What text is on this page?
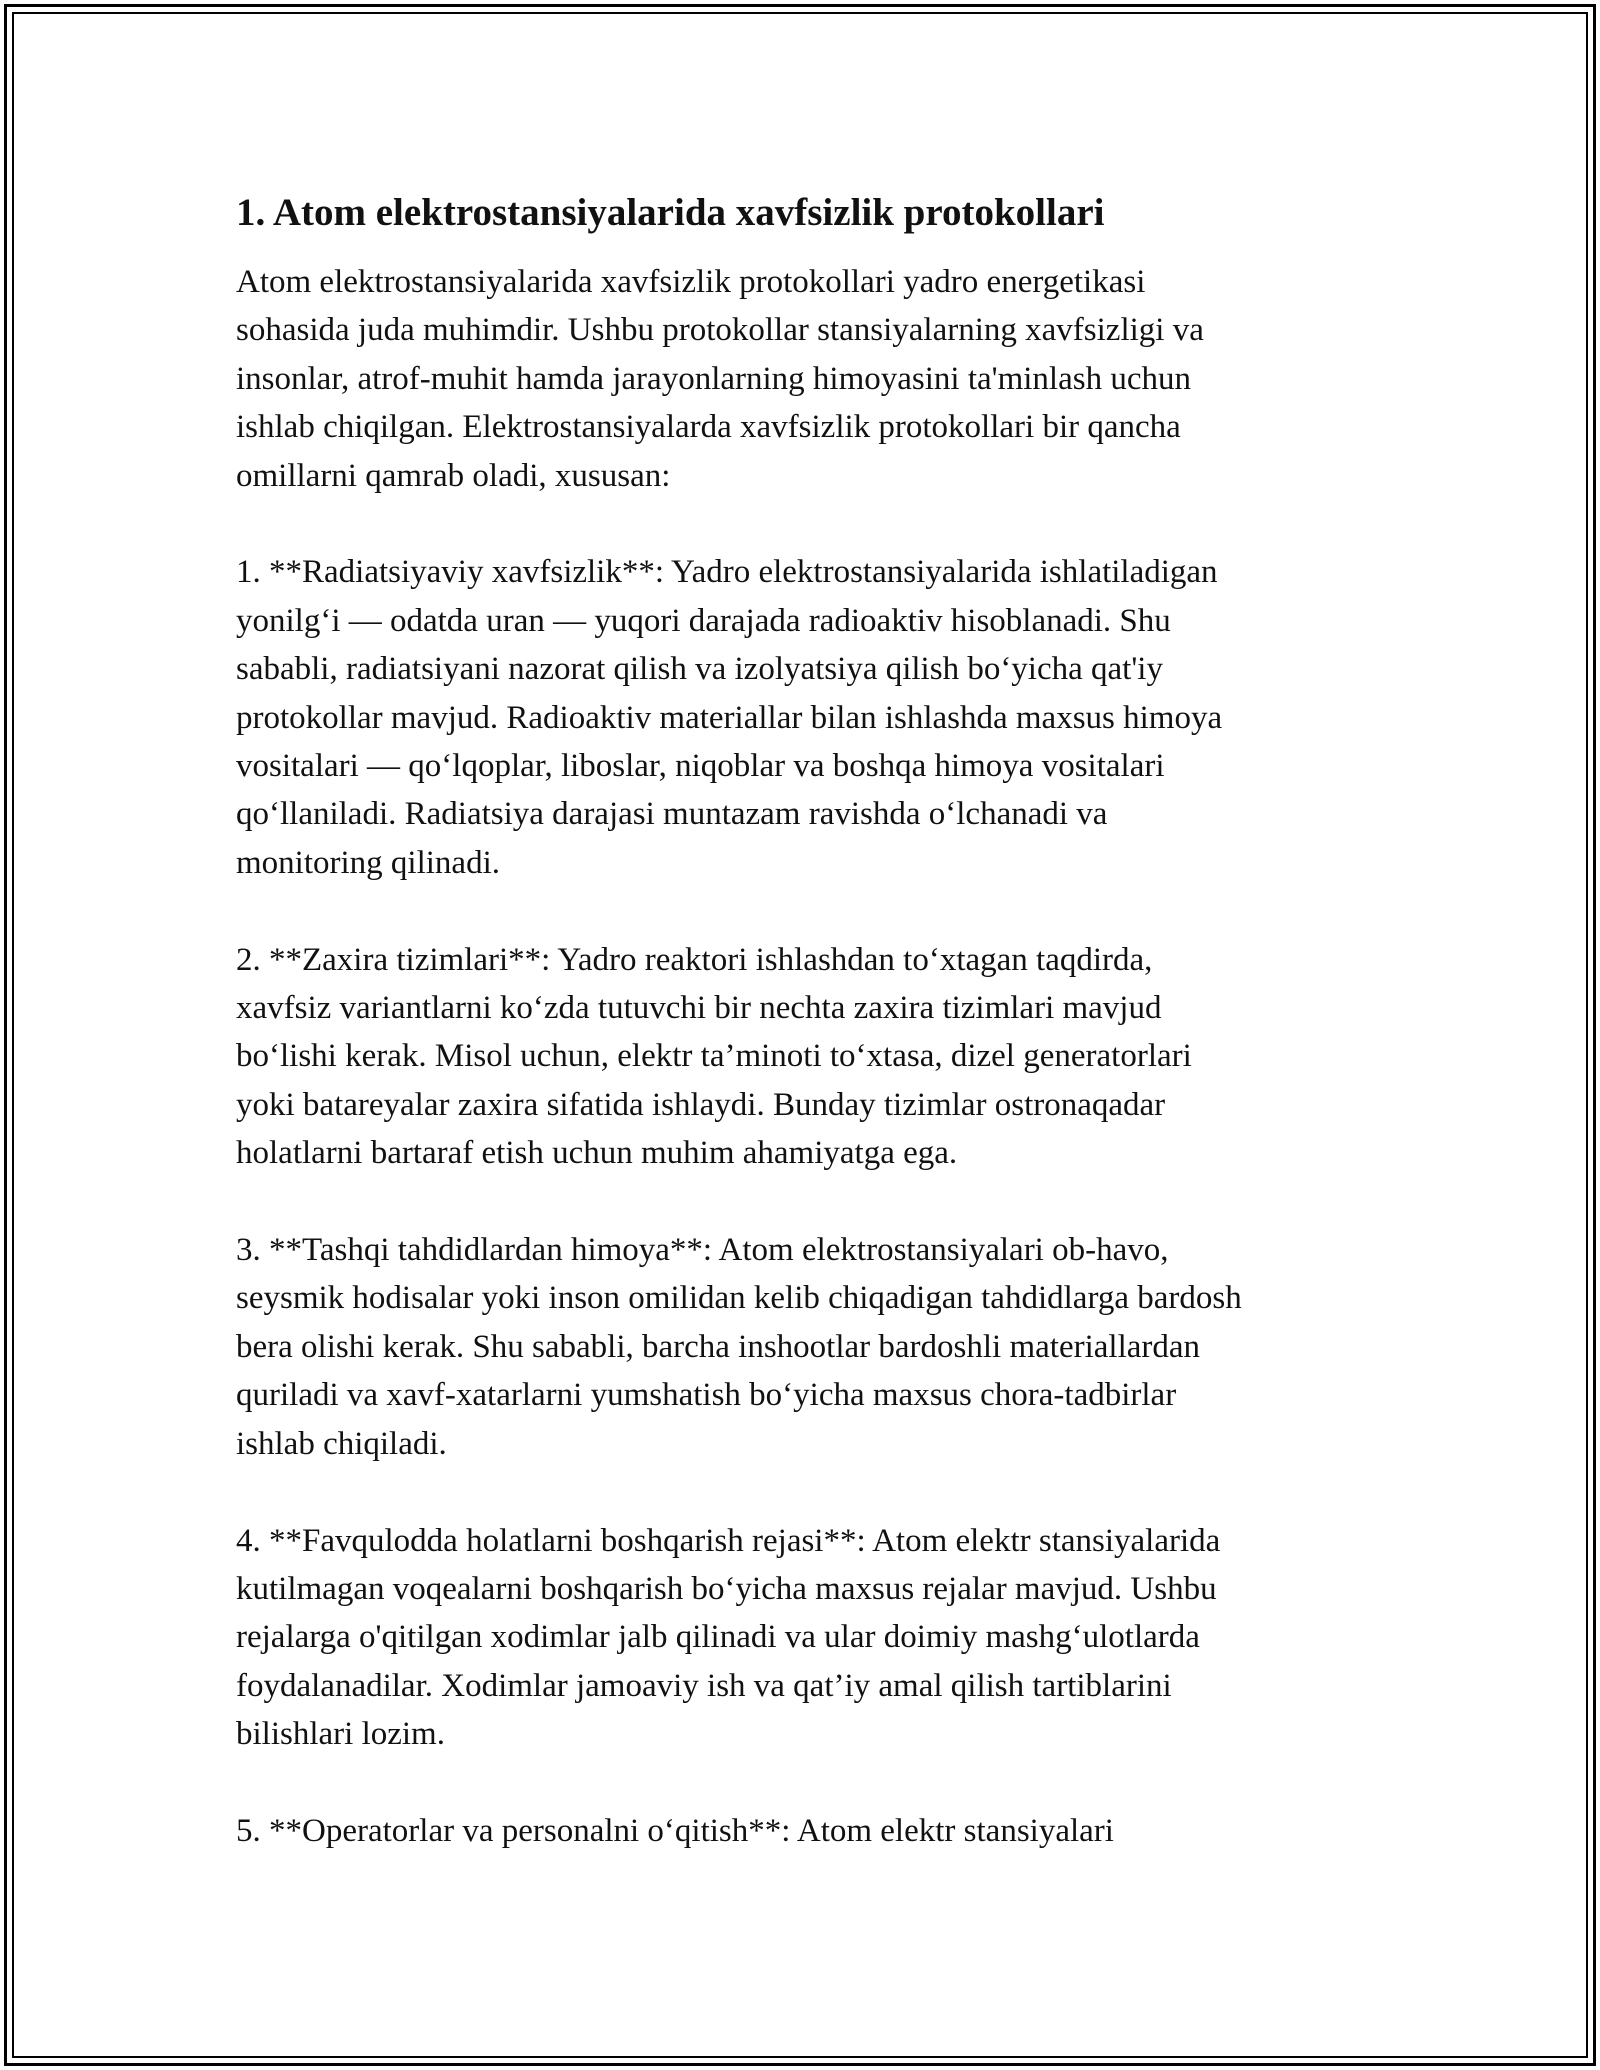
1. Atom elektrostansiyalarida xavfsizlik protokollari
Atom elektrostansiyalarida xavfsizlik protokollari yadro energetikasi
sohasida juda muhimdir. Ushbu protokollar stansiyalarning xavfsizligi va
insonlar, atrof-muhit hamda jarayonlarning himoyasini ta'minlash uchun
ishlab chiqilgan. Elektrostansiyalarda xavfsizlik protokollari bir qancha
omillarni qamrab oladi, xususan:
1. **Radiatsiyaviy xavfsizlik**: Yadro elektrostansiyalarida ishlatiladigan
yonilg‘i — odatda uran — yuqori darajada radioaktiv hisoblanadi. Shu
sababli, radiatsiyani nazorat qilish va izolyatsiya qilish bo‘yicha qat'iy
protokollar mavjud. Radioaktiv materiallar bilan ishlashda maxsus himoya
vositalari — qo‘lqoplar, liboslar, niqoblar va boshqa himoya vositalari
qo‘llaniladi. Radiatsiya darajasi muntazam ravishda o‘lchanadi va
monitoring qilinadi.
2. **Zaxira tizimlari**: Yadro reaktori ishlashdan to‘xtagan taqdirda,
xavfsiz variantlarni ko‘zda tutuvchi bir nechta zaxira tizimlari mavjud
bo‘lishi kerak. Misol uchun, elektr ta’minoti to‘xtasa, dizel generatorlari
yoki batareyalar zaxira sifatida ishlaydi. Bunday tizimlar ostronaqadar
holatlarni bartaraf etish uchun muhim ahamiyatga ega.
3. **Tashqi tahdidlardan himoya**: Atom elektrostansiyalari ob-havo,
seysmik hodisalar yoki inson omilidan kelib chiqadigan tahdidlarga bardosh
bera olishi kerak. Shu sababli, barcha inshootlar bardoshli materiallardan
quriladi va xavf-xatarlarni yumshatish bo‘yicha maxsus chora-tadbirlar
ishlab chiqiladi.
4. **Favqulodda holatlarni boshqarish rejasi**: Atom elektr stansiyalarida
kutilmagan voqealarni boshqarish bo‘yicha maxsus rejalar mavjud. Ushbu
rejalarga o'qitilgan xodimlar jalb qilinadi va ular doimiy mashg‘ulotlarda
foydalanadilar. Xodimlar jamoaviy ish va qat’iy amal qilish tartiblarini
bilishlari lozim.
5. **Operatorlar va personalni o‘qitish**: Atom elektr stansiyalari
